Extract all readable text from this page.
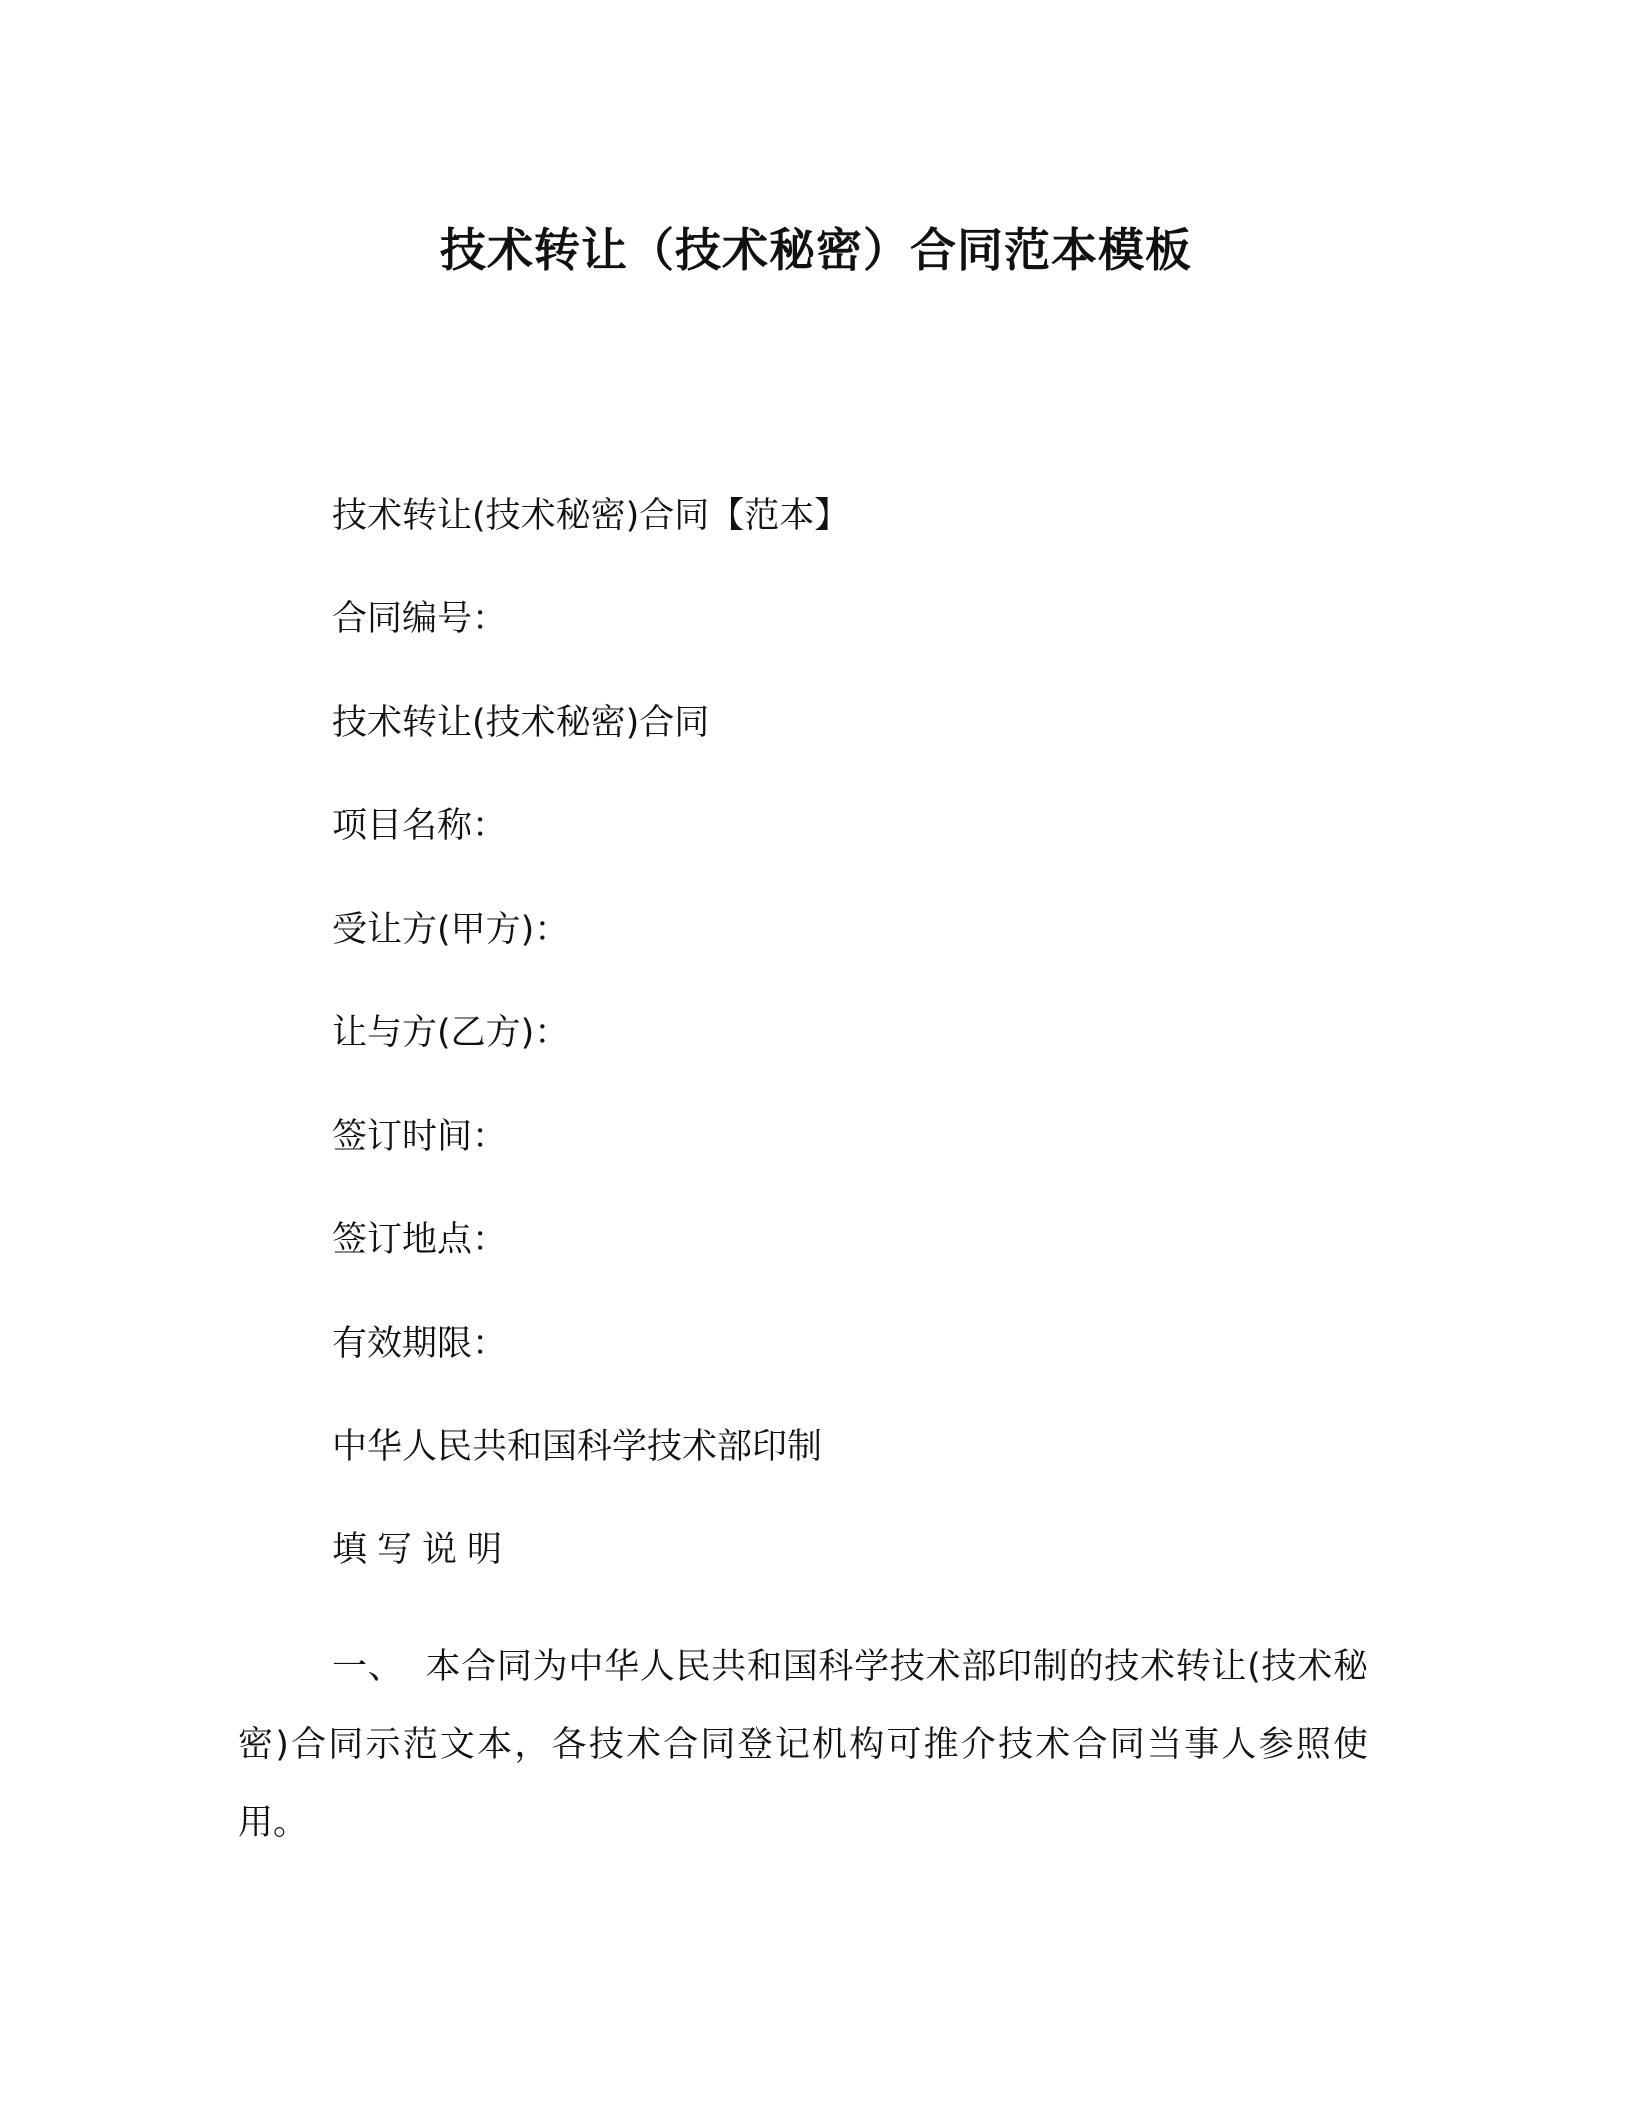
技术转让（技术秘密）合同范本模板
技术转让(技术秘密)合同【范本】
合同编号：
技术转让(技术秘密)合同
项目名称：
受让方(甲方)：
让与方(乙方)：
签订时间：
签订地点：
有效期限：
中华人民共和国科学技术部印制
填写说明

一、 本合同为中华人民共和国科学技术部印制的技术转让(技术秘密)合同示范文本，各技术合同登记机构可推介技术合同当事人参照使用。
